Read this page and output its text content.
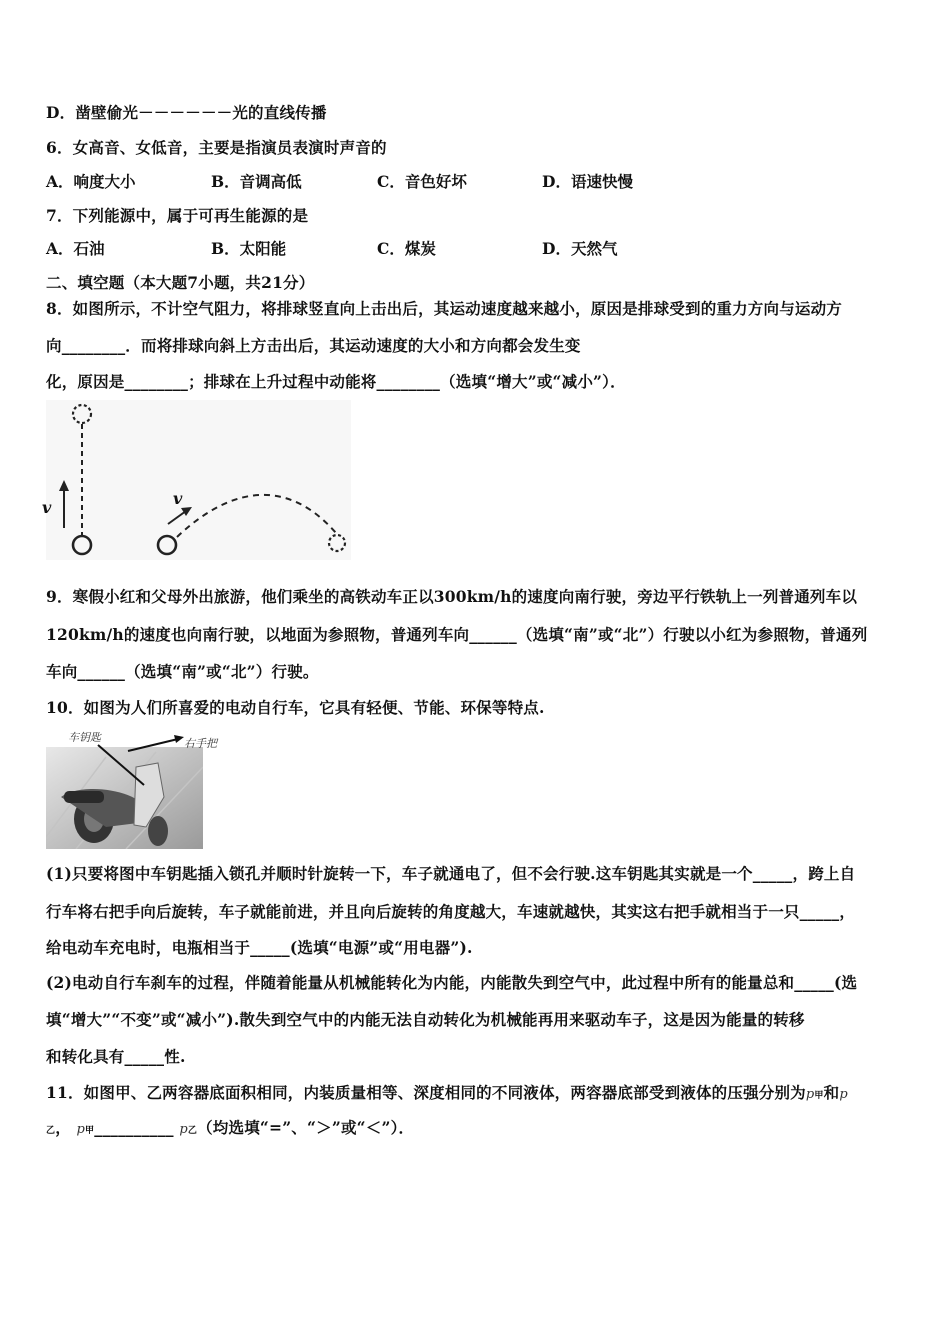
D．凿壁偷光－－－－－－光的直线传播
6．女高音、女低音，主要是指演员表演时声音的
A．响度大小	B．音调高低	C．音色好坏	D．语速快慢
7．下列能源中，属于可再生能源的是
A．石油	B．太阳能	C．煤炭	D．天然气
二、填空题（本大题7小题，共21分）
8．如图所示，不计空气阻力，将排球竖直向上击出后，其运动速度越来越小，原因是排球受到的重力方向与运动方
向________．而将排球向斜上方击出后，其运动速度的大小和方向都会发生变
化，原因是________；排球在上升过程中动能将________（选填“增大”或“减小”）．
v	v
9．寒假小红和父母外出旅游，他们乘坐的高铁动车正以300km/h的速度向南行驶，旁边平行铁轨上一列普通列车以
120km/h的速度也向南行驶，以地面为参照物，普通列车向______（选填“南”或“北”）行驶以小红为参照物，普通列
车向______（选填“南”或“北”）行驶。
10．如图为人们所喜爱的电动自行车，它具有轻便、节能、环保等特点.
车钥匙	右手把
(1)只要将图中车钥匙插入锁孔并顺时针旋转一下，车子就通电了，但不会行驶.这车钥匙其实就是一个_____，跨上自
行车将右把手向后旋转，车子就能前进，并且向后旋转的角度越大，车速就越快，其实这右把手就相当于一只_____，
给电动车充电时，电瓶相当于_____(选填“电源”或“用电器”).
(2)电动自行车刹车的过程，伴随着能量从机械能转化为内能，内能散失到空气中，此过程中所有的能量总和_____(选
填“增大”“不变”或“减小”).散失到空气中的内能无法自动转化为机械能再用来驱动车子，这是因为能量的转移
和转化具有_____性.
11．如图甲、乙两容器底面积相同，内装质量相等、深度相同的不同液体，两容器底部受到液体的压强分别为p甲和p
乙， p甲__________ p乙（均选填“=”、“＞”或“＜”）．
